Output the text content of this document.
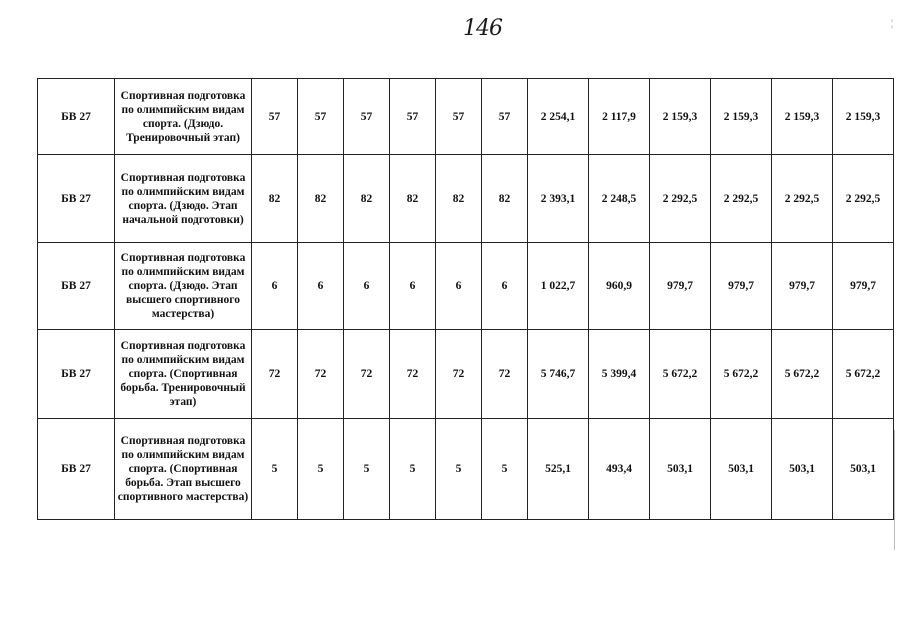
146	¦
БВ 27	Спортивная подготовка по олимпийским видам спорта. (Дзюдо. Тренировочный этап)	57	57	57	57	57	57	2 254,1	2 117,9	2 159,3	2 159,3	2 159,3	2 159,3
БВ 27	Спортивная подготовка по олимпийским видам спорта. (Дзюдо. Этап начальной подготовки)	82	82	82	82	82	82	2 393,1	2 248,5	2 292,5	2 292,5	2 292,5	2 292,5
БВ 27	Спортивная подготовка по олимпийским видам спорта. (Дзюдо. Этап высшего спортивного мастерства)	6	6	6	6	6	6	1 022,7	960,9	979,7	979,7	979,7	979,7
БВ 27	Спортивная подготовка по олимпийским видам спорта. (Спортивная борьба. Тренировочный этап)	72	72	72	72	72	72	5 746,7	5 399,4	5 672,2	5 672,2	5 672,2	5 672,2
БВ 27	Спортивная подготовка по олимпийским видам спорта. (Спортивная борьба. Этап высшего спортивного мастерства)	5	5	5	5	5	5	525,1	493,4	503,1	503,1	503,1	503,1
